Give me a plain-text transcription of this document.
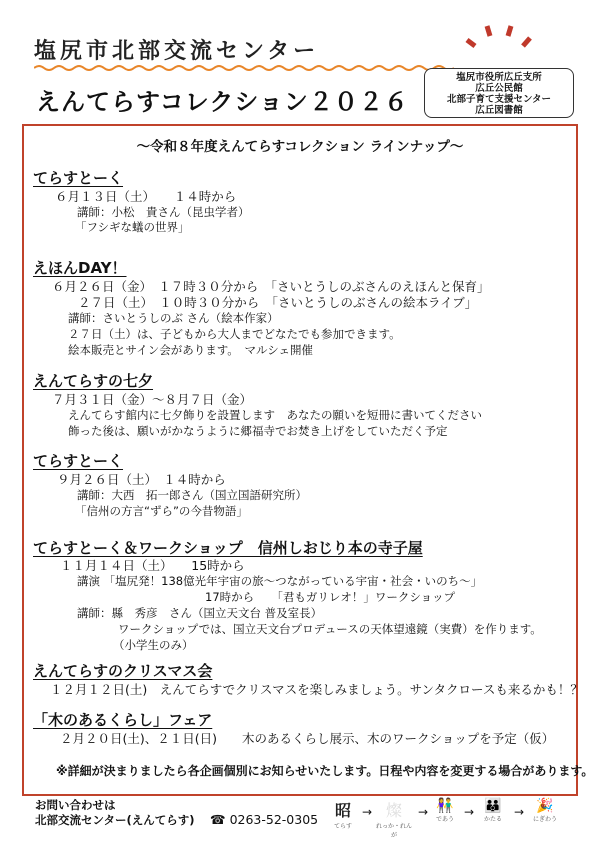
塩尻市北部交流センター
えんてらすコレクション２０２６
塩尻市役所広丘支所
広丘公民館
北部子育て支援センター
広丘図書館
～令和８年度えんてらすコレクション ラインナップ～
てらすとーく
６月１３日（土）　　１４時から
講師：小松　貴さん（昆虫学者）
「フシギな蟻の世界」
えほんDAY！
６月２６日（金）　１７時３０分から　「さいとうしのぶさんのえほんと保育」
２７日（土）　１０時３０分から　「さいとうしのぶさんの絵本ライブ」
講師：さいとうしのぶ さん（絵本作家）
２７日（土）は、子どもから大人までどなたでも参加できます。
絵本販売とサイン会があります。　マルシェ開催
えんてらすの七夕
７月３１日（金）～８月７日（金）
えんてらす館内に七夕飾りを設置します　あなたの願いを短冊に書いてください
飾った後は、願いがかなうように郷福寺でお焚き上げをしていただく予定
てらすとーく
９月２６日（土）　１４時から
講師：大西　拓一郎さん（国立国語研究所）
「信州の方言“ずら”の今昔物語」
てらすとーく＆ワークショップ　信州しおじり本の寺子屋
１１月１４日（土）　　15時から
講演 「塩尻発！138億光年宇宙の旅～つながっている宇宙・社会・いのち～」
17時から　　「君もガリレオ！」ワークショップ
講師：縣　秀彦　さん（国立天文台 普及室長）
ワークショップでは、国立天文台プロデュースの天体望遠鏡（実費）を作ります。
（小学生のみ）
えんてらすのクリスマス会
１２月１２日(土)　えんてらすでクリスマスを楽しみましょう。サンタクロースも来るかも！？
「木のあるくらし」フェア
２月２０日(土)、２１日(日)　　木のあるくらし展示、木のワークショップを予定（仮）
※詳細が決まりましたら各企画個別にお知らせいたします。日程や内容を変更する場合があります。
お問い合わせは
北部交流センター(えんてらす) ☎ 0263-52-0305	昭
てらす
→ 燦
れっか・れんが
→ 👫
であう
→ 👪
かたる
→ 🎉
にぎわう
